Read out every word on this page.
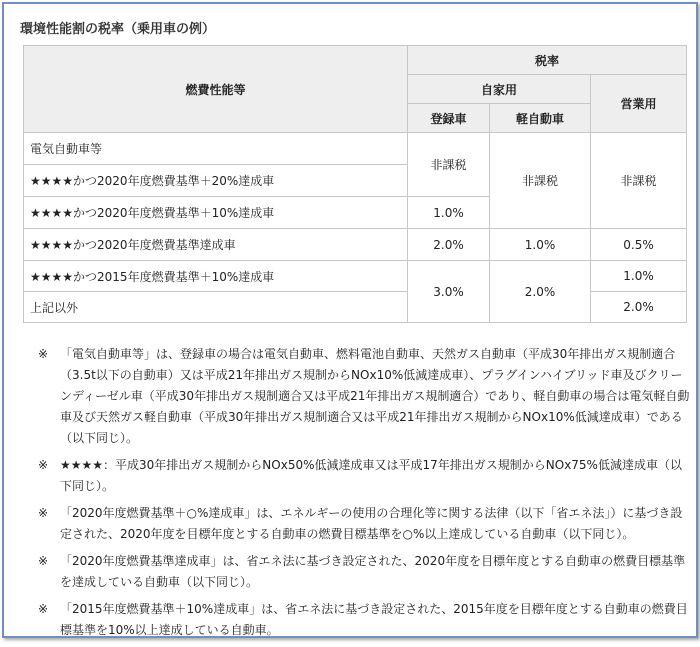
環境性能割の税率（乗用車の例）
燃費性能等	税率		
	自家用		営業用
	登録車	軽自動車	
電気自動車等	非課税	非課税	非課税
★★★★かつ2020年度燃費基準＋20%達成車			
★★★★かつ2020年度燃費基準＋10%達成車	1.0%		
★★★★かつ2020年度燃費基準達成車	2.0%	1.0%	0.5%
★★★★かつ2015年度燃費基準＋10%達成車	3.0%	2.0%	1.0%
上記以外			2.0%
※ 「電気自動車等」は、登録車の場合は電気自動車、燃料電池自動車、天然ガス自動車（平成30年排出ガス規制適合（3.5t以下の自動車）又は平成21年排出ガス規制からNOx10%低減達成車）、プラグインハイブリッド車及びクリーンディーゼル車（平成30年排出ガス規制適合又は平成21年排出ガス規制適合）であり、軽自動車の場合は電気軽自動車及び天然ガス軽自動車（平成30年排出ガス規制適合又は平成21年排出ガス規制からNOx10%低減達成車）である（以下同じ）。
※ ★★★★：平成30年排出ガス規制からNOx50%低減達成車又は平成17年排出ガス規制からNOx75%低減達成車（以下同じ）。
※ 「2020年度燃費基準＋○%達成車」は、エネルギーの使用の合理化等に関する法律（以下「省エネ法」）に基づき設定された、2020年度を目標年度とする自動車の燃費目標基準を○%以上達成している自動車（以下同じ）。
※ 「2020年度燃費基準達成車」は、省エネ法に基づき設定された、2020年度を目標年度とする自動車の燃費目標基準を達成している自動車（以下同じ）。
※ 「2015年度燃費基準＋10%達成車」は、省エネ法に基づき設定された、2015年度を目標年度とする自動車の燃費目標基準を10%以上達成している自動車。
